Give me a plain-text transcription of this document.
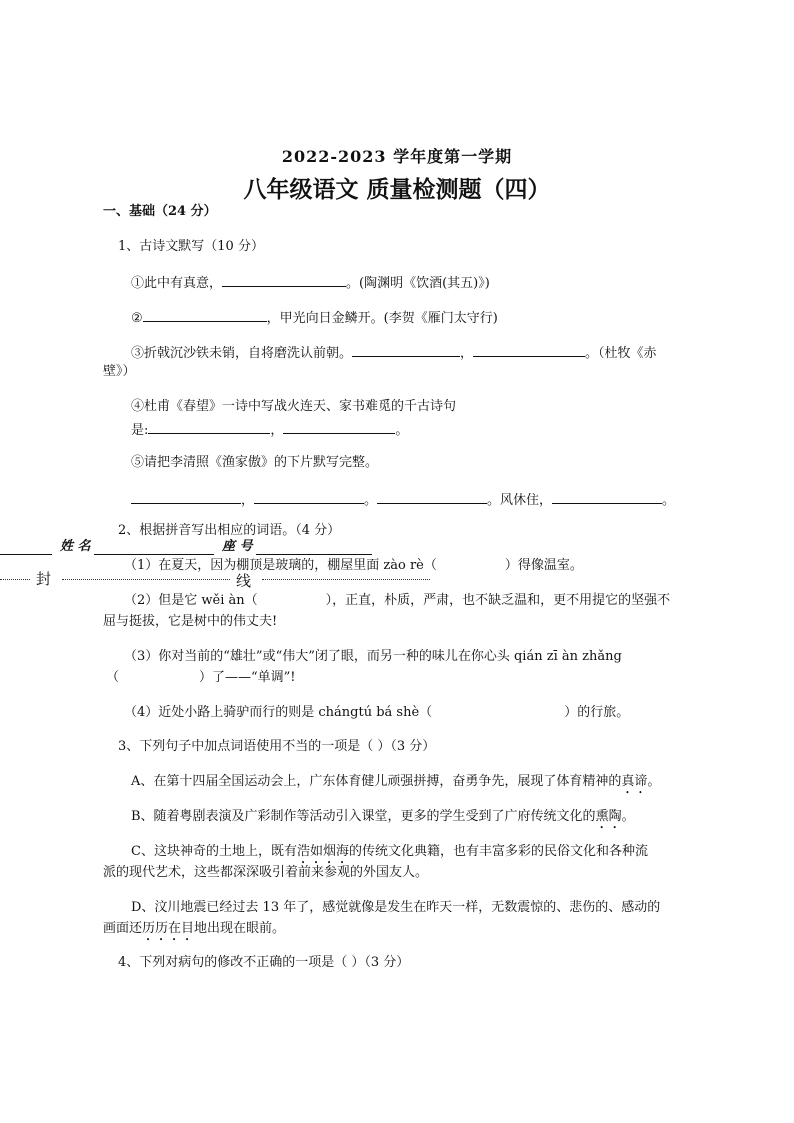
2022-2023 学年度第一学期
八年级语文 质量检测题（四）
一、基础（24 分）
1、古诗文默写（10 分）
①此中有真意，	。(陶渊明《饮酒(其五)》)
②	，甲光向日金鳞开。(李贺《雁门太守行)
③折戟沉沙铁未销，自将磨洗认前朝。	，	。（杜牧《赤
壁》）
④杜甫《春望》一诗中写战火连天、家书难觅的千古诗句
是:	，	。
⑤请把李清照《渔家傲》的下片默写完整。
，	。	。风休住，	。
2、根据拼音写出相应的词语。（4 分）
姓 名	座 号
封	线
（1）在夏天，因为棚顶是玻璃的，棚屋里面 zào rè（	）得像温室。
（2）但是它 wěi àn（	），正直，朴质，严肃，也不缺乏温和，更不用提它的坚强不
屈与挺拔，它是树中的伟丈夫!
（3）你对当前的“雄壮”或“伟大”闭了眼，而另一种的味儿在你心头 qián zī àn zhǎng
（	）了——“单调”!
（4）近处小路上骑驴而行的则是 chángtú bá shè（	）的行旅。
3、下列句子中加点词语使用不当的一项是（ ）（3 分）
A、在第十四届全国运动会上，广东体育健儿顽强拼搏，奋勇争先，展现了体育精神的真谛。
B、随着粤剧表演及广彩制作等活动引入课堂，更多的学生受到了广府传统文化的熏陶。
C、这块神奇的土地上，既有浩如烟海的传统文化典籍，也有丰富多彩的民俗文化和各种流
派的现代艺术，这些都深深吸引着前来参观的外国友人。
D、汶川地震已经过去 13 年了，感觉就像是发生在昨天一样，无数震惊的、悲伤的、感动的
画面还历历在目地出现在眼前。
4、下列对病句的修改不正确的一项是（ ）（3 分）
